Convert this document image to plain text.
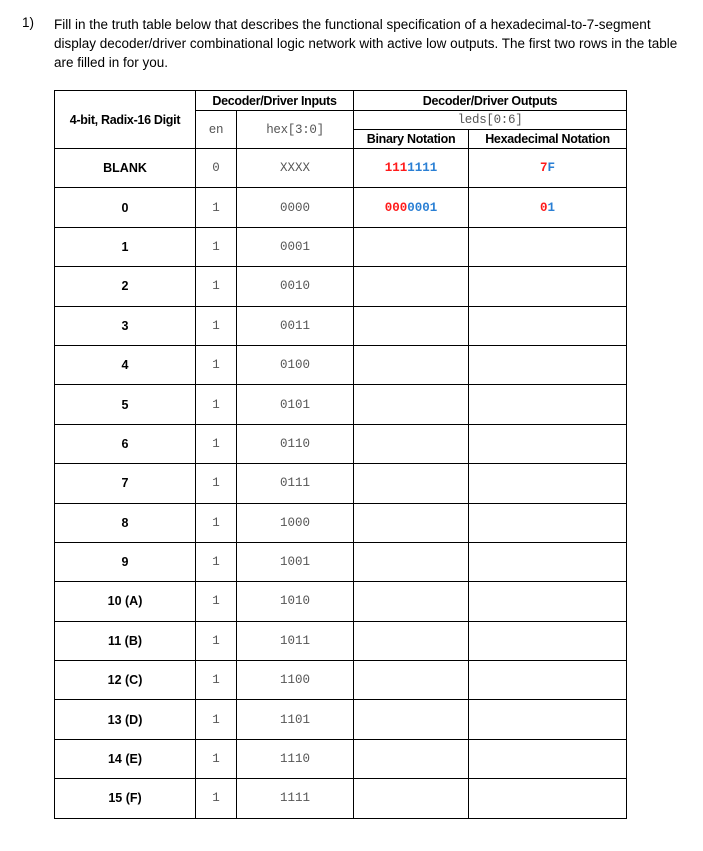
1) Fill in the truth table below that describes the functional specification of a hexadecimal-to-7-segment display decoder/driver combinational logic network with active low outputs. The first two rows in the table are filled in for you.
4-bit, Radix-16 Digit	Decoder/Driver Inputs		Decoder/Driver Outputs	
	en	hex[3:0]	leds[0:6]	
			Binary Notation	Hexadecimal Notation
BLANK	0	XXXX	1111111	7F
0	1	0000	0000001	01
1	1	0001		
2	1	0010		
3	1	0011		
4	1	0100		
5	1	0101		
6	1	0110		
7	1	0111		
8	1	1000		
9	1	1001		
10 (A)	1	1010		
11 (B)	1	1011		
12 (C)	1	1100		
13 (D)	1	1101		
14 (E)	1	1110		
15 (F)	1	1111		
